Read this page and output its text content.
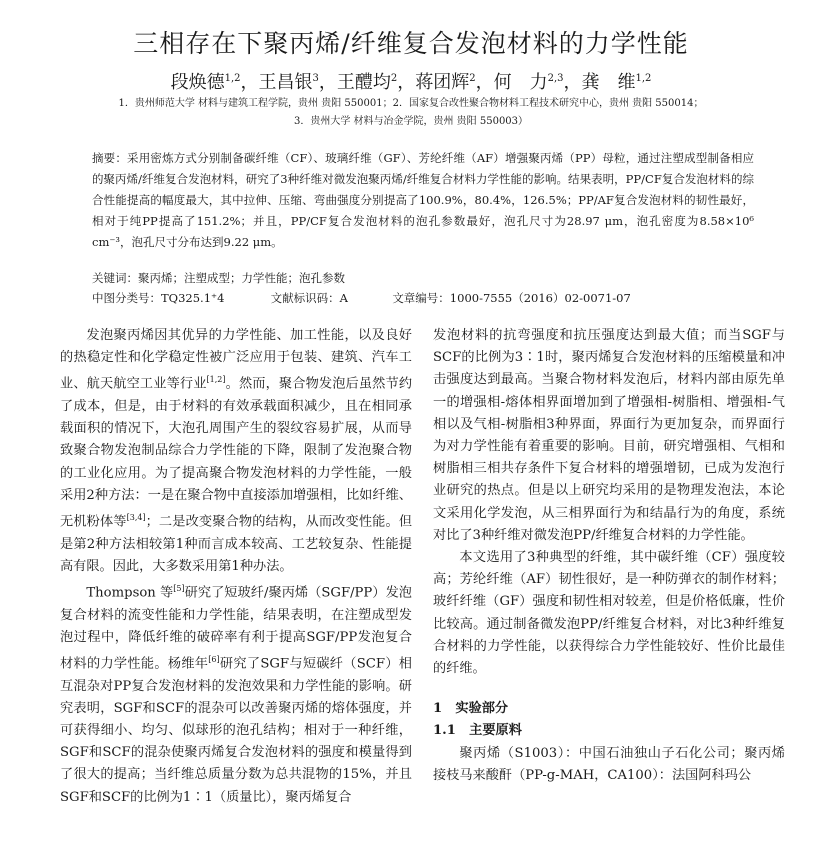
三相存在下聚丙烯/纤维复合发泡材料的力学性能
段焕德$^{1,2}$，王昌银$^3$，王醴均$^2$，蒋团辉$^2$，何　力$^{2,3}$，龚　维$^{1,2}$
1．贵州师范大学 材料与建筑工程学院，贵州 贵阳 550001；2．国家复合改性聚合物材料工程技术研究中心，贵州 贵阳 550014；
3．贵州大学 材料与冶金学院，贵州 贵阳 550003）
摘要：采用密炼方式分别制备碳纤维（CF）、玻璃纤维（GF）、芳纶纤维（AF）增强聚丙烯（PP）母粒，通过注塑成型制备相应的聚丙烯/纤维复合发泡材料，研究了3种纤维对微发泡聚丙烯/纤维复合材料力学性能的影响。结果表明，PP/CF复合发泡材料的综合性能提高的幅度最大，其中拉伸、压缩、弯曲强度分别提高了100.9%，80.4%，126.5%；PP/AF复合发泡材料的韧性最好，相对于纯PP提高了151.2%；并且，PP/CF复合发泡材料的泡孔参数最好，泡孔尺寸为28.97 μm，泡孔密度为8.58×10⁶ cm⁻³，泡孔尺寸分布达到9.22 μm。
关键词：聚丙烯；注塑成型；力学性能；泡孔参数
中图分类号：TQ325.1⁺4	文献标识码：A	文章编号：1000-7555（2016）02-0071-07

发泡聚丙烯因其优异的力学性能、加工性能，以及良好的热稳定性和化学稳定性被广泛应用于包装、建筑、汽车工业、航天航空工业等行业[1,2]。然而，聚合物发泡后虽然节约了成本，但是，由于材料的有效承载面积减少，且在相同承载面积的情况下，大泡孔周围产生的裂纹容易扩展，从而导致聚合物发泡制品综合力学性能的下降，限制了发泡聚合物的工业化应用。为了提高聚合物发泡材料的力学性能，一般采用2种方法：一是在聚合物中直接添加增强相，比如纤维、无机粉体等[3,4]；二是改变聚合物的结构，从而改变性能。但是第2种方法相较第1种而言成本较高、工艺较复杂、性能提高有限。因此，大多数采用第1种办法。

Thompson 等[5]研究了短玻纤/聚丙烯（SGF/PP）发泡复合材料的流变性能和力学性能，结果表明，在注塑成型发泡过程中，降低纤维的破碎率有利于提高SGF/PP发泡复合材料的力学性能。杨维年[6]研究了SGF与短碳纤（SCF）相互混杂对PP复合发泡材料的发泡效果和力学性能的影响。研究表明，SGF和SCF的混杂可以改善聚丙烯的熔体强度，并可获得细小、均匀、似球形的泡孔结构；相对于一种纤维，SGF和SCF的混杂使聚丙烯复合发泡材料的强度和模量得到了很大的提高；当纤维总质量分数为总共混物的15%，并且SGF和SCF的比例为1∶1（质量比），聚丙烯复合

发泡材料的抗弯强度和抗压强度达到最大值；而当SGF与SCF的比例为3∶1时，聚丙烯复合发泡材料的压缩模量和冲击强度达到最高。当聚合物材料发泡后，材料内部由原先单一的增强相-熔体相界面增加到了增强相-树脂相、增强相-气相以及气相-树脂相3种界面，界面行为更加复杂，而界面行为对力学性能有着重要的影响。目前，研究增强相、气相和树脂相三相共存条件下复合材料的增强增韧，已成为发泡行业研究的热点。但是以上研究均采用的是物理发泡法，本论文采用化学发泡，从三相界面行为和结晶行为的角度，系统对比了3种纤维对微发泡PP/纤维复合材料的力学性能。

本文选用了3种典型的纤维，其中碳纤维（CF）强度较高；芳纶纤维（AF）韧性很好，是一种防弹衣的制作材料；玻纤纤维（GF）强度和韧性相对较差，但是价格低廉，性价比较高。通过制备微发泡PP/纤维复合材料，对比3种纤维复合材料的力学性能，以获得综合力学性能较好、性价比最佳的纤维。

1　实验部分

1.1　主要原料

聚丙烯（S1003）：中国石油独山子石化公司；聚丙烯接枝马来酸酐（PP-g-MAH，CA100）：法国阿科玛公
